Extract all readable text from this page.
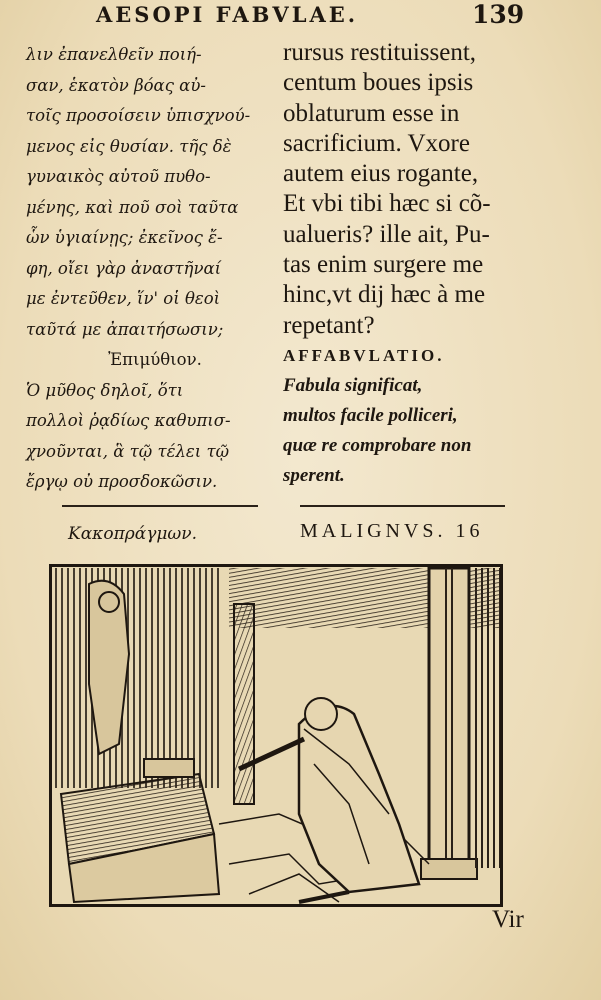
AESOPI FABVLAE.	139
λιν ἐπανελθεῖν ποιή-
σαν, ἑκατὸν βόας αὐ-
τοῖς προσοίσειν ὑπισχνού-
μενος εἰς θυσίαν. τῆς δὲ
γυναικὸς αὐτοῦ πυθο-
μένης, καὶ ποῦ σοὶ ταῦτα
ὧν ὑγιαίνῃς; ἐκεῖνος ἔ-
φη, οἴει γὰρ ἀναστῆναί
με ἐντεῦθεν, ἵν' οἱ θεοὶ
ταῦτά με ἀπαιτήσωσιν;
Ἐπιμύθιον.
Ὁ μῦθος δηλοῖ, ὅτι
πολλοὶ ῥᾳδίως καθυπισ-
χνοῦνται, ἃ τῷ τέλει τῷ
ἔργῳ οὐ προσδοκῶσιν.
rursus restituissent,
centum boues ipsis
oblaturum esse in
sacrificium. Vxore
autem eius rogante,
Et vbi tibi hæc si cõ-
ualueris? ille ait, Pu-
tas enim surgere me
hinc,vt dij hæc à me
repetant?
AFFABVLATIO.
Fabula significat,
multos facile polliceri,
quæ re comprobare non
sperent.
Κακοπράγμων.	MALIGNVS. 16
Vir
